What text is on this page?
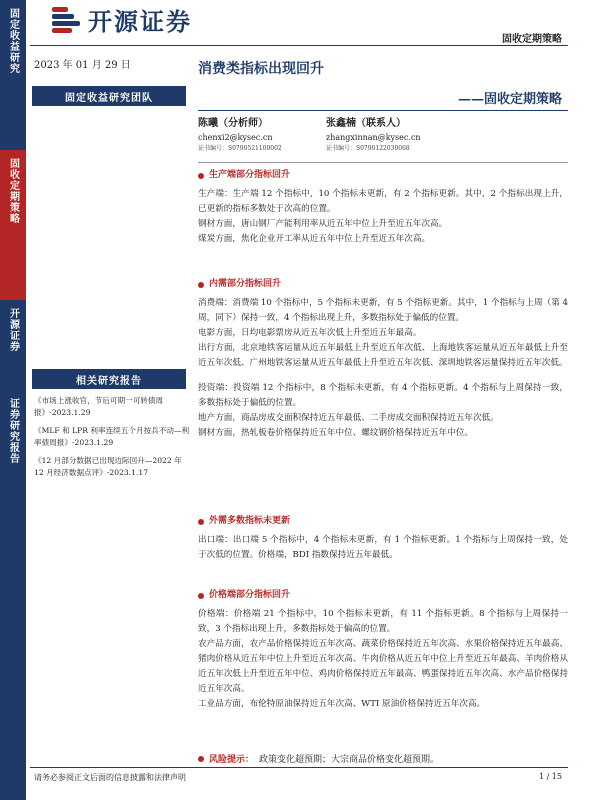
固定收益研究
固收定期策略
开源证券
证券研究报告
开源证券
固收定期策略
2023 年 01 月 29 日
固定收益研究团队
相关研究报告

《市场上涨收官，节后可期一可转债周报》-2023.1.29

《MLF 和 LPR 利率连续五个月按兵不动—利率债周报》-2023.1.29

《12 月部分数据已出现边际回升—2022 年 12 月经济数据点评》-2023.1.17

消费类指标出现回升
——固收定期策略
陈曦（分析师）
chenxi2@kysec.cn
证书编号：S0790521100002
张鑫楠（联系人）
zhangxinnan@kysec.cn
证书编号：S0790122030068
生产端部分指标回升

生产端：生产端 12 个指标中，10 个指标未更新，有 2 个指标更新。其中，2 个指标出现上升，已更新的指标多数处于次高的位置。

钢材方面，唐山钢厂产能利用率从近五年中位上升至近五年次高。

煤炭方面，焦化企业开工率从近五年中位上升至近五年次高。

内需部分指标回升

消费端：消费端 10 个指标中，5 个指标未更新，有 5 个指标更新。其中，1 个指标与上周（第 4 周，同下）保持一致，4 个指标出现上升，多数指标处于偏低的位置。

电影方面，日均电影票房从近五年次低上升至近五年最高。

出行方面，北京地铁客运量从近五年最低上升至近五年次低、上海地铁客运量从近五年最低上升至近五年次低、广州地铁客运量从近五年最低上升至近五年次低、深圳地铁客运量保持近五年次低。

投资端：投资端 12 个指标中，8 个指标未更新，有 4 个指标更新。4 个指标与上周保持一致，多数指标处于偏低的位置。

地产方面，商品房成交面积保持近五年最低、二手房成交面积保持近五年次低。

钢材方面，热轧板卷价格保持近五年中位、螺纹钢价格保持近五年中位。

外需多数指标未更新

出口端：出口端 5 个指标中，4 个指标未更新，有 1 个指标更新。1 个指标与上周保持一致，处于次低的位置。价格端，BDI 指数保持近五年最低。

价格端部分指标回升

价格端：价格端 21 个指标中，10 个指标未更新，有 11 个指标更新。8 个指标与上周保持一致，3 个指标出现上升，多数指标处于偏高的位置。

农产品方面，农产品价格保持近五年次高、蔬菜价格保持近五年次高、水果价格保持近五年最高、猪肉价格从近五年中位上升至近五年次高、牛肉价格从近五年中位上升至近五年最高、羊肉价格从近五年次低上升至近五年中位、鸡肉价格保持近五年最高、鸭蛋保持近五年次高、水产品价格保持近五年次高。

工业品方面，布伦特原油保持近五年次高、WTI 原油价格保持近五年次高。

风险提示： 政策变化超预期；大宗商品价格变化超预期。
请务必参阅正文后面的信息披露和法律声明	1 / 15
